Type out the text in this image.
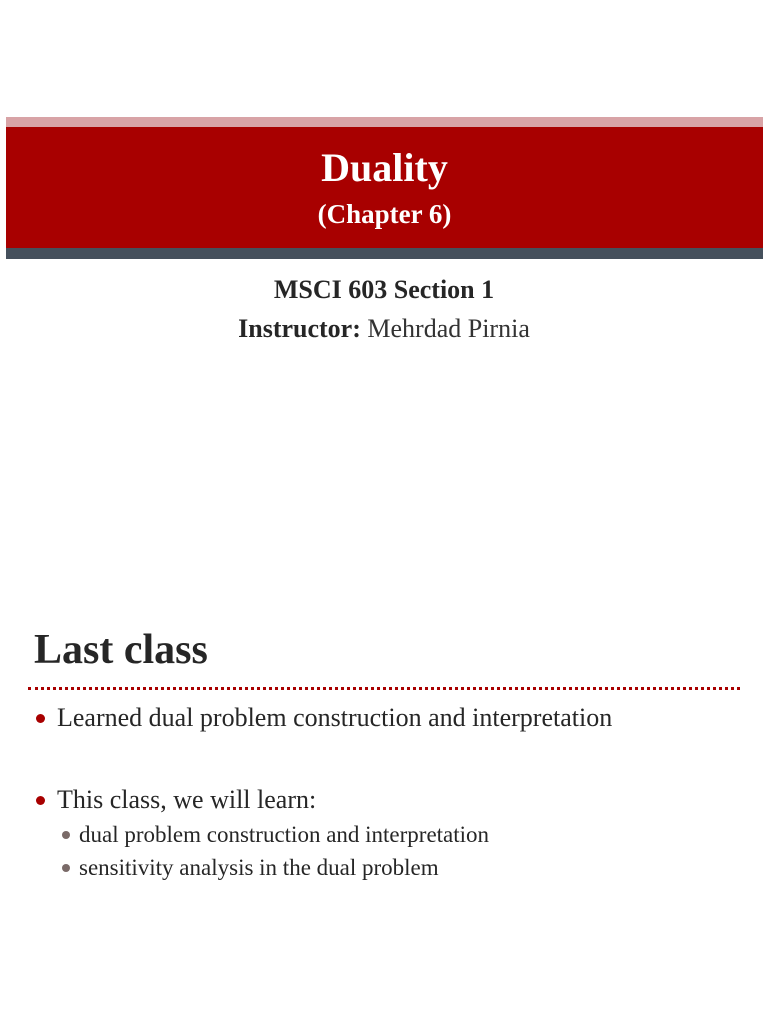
Duality
(Chapter 6)
MSCI 603 Section 1
Instructor: Mehrdad Pirnia
Last class
Learned dual problem construction and interpretation
This class, we will learn:
dual problem construction and interpretation
sensitivity analysis in the dual problem
